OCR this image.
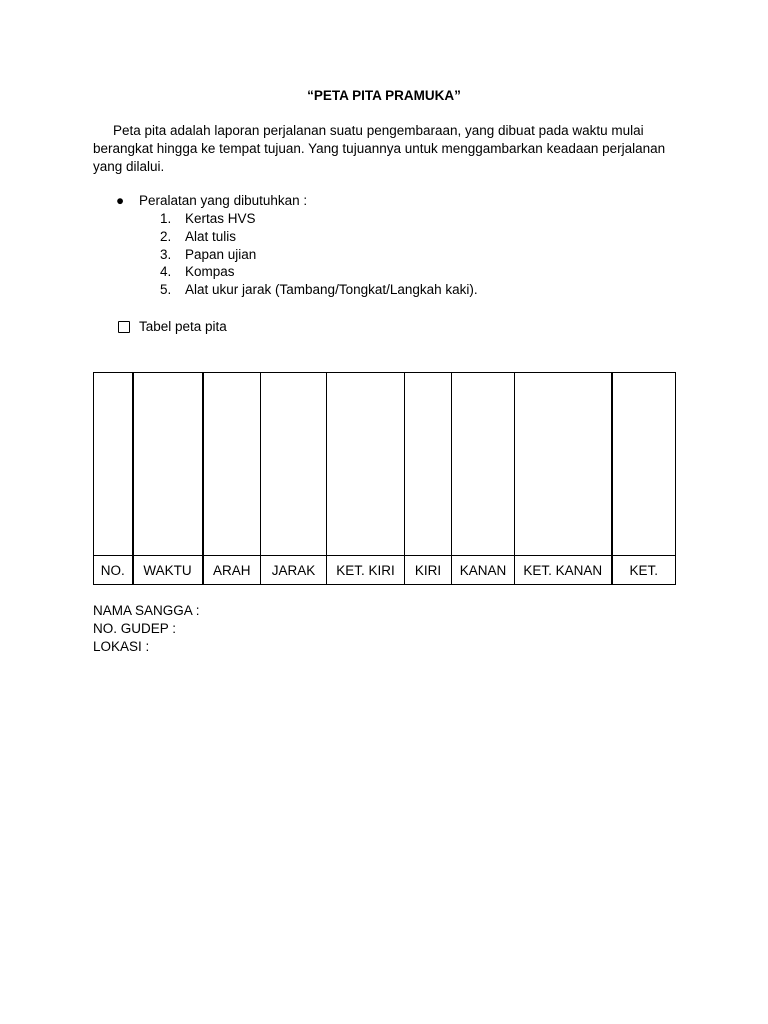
“PETA PITA PRAMUKA”
Peta pita adalah laporan perjalanan suatu pengembaraan, yang dibuat pada waktu mulai berangkat hingga ke tempat tujuan. Yang tujuannya untuk menggambarkan keadaan perjalanan yang dilalui.
● Peralatan yang dibutuhkan :
1.	Kertas HVS
2.	Alat tulis
3.	Papan ujian
4.	Kompas
5.	Alat ukur jarak (Tambang/Tongkat/Langkah kaki).
Tabel peta pita

NO.	WAKTU	ARAH	JARAK	KET. KIRI	KIRI	KANAN	KET. KANAN	KET.
NAMA SANGGA :
NO. GUDEP :
LOKASI :
